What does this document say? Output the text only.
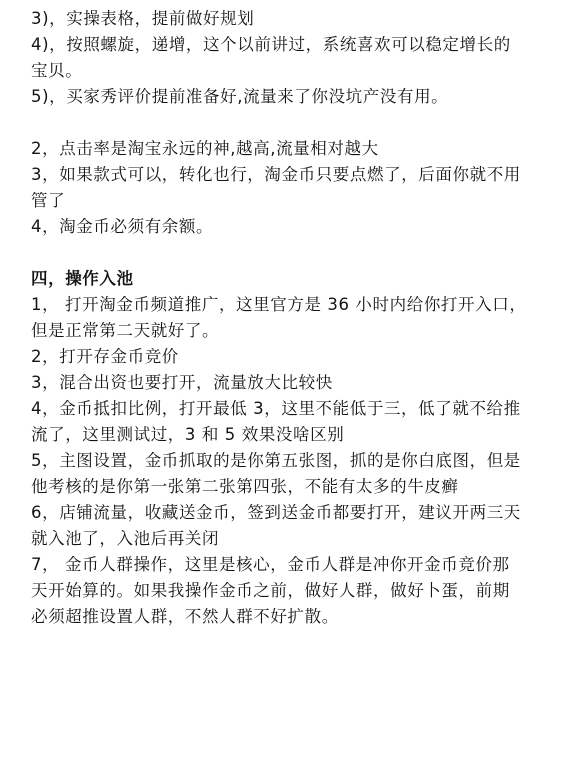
3)，实操表格，提前做好规划
4)，按照螺旋，递增，这个以前讲过，系统喜欢可以稳定增长的
宝贝。
5)，买家秀评价提前准备好,流量来了你没坑产没有用。
2，点击率是淘宝永远的神,越高,流量相对越大
3，如果款式可以，转化也行，淘金币只要点燃了，后面你就不用
管了
4，淘金币必须有余额。
四，操作入池
1， 打开淘金币频道推广，这里官方是 36 小时内给你打开入口，
但是正常第二天就好了。
2，打开存金币竞价
3，混合出资也要打开，流量放大比较快
4，金币抵扣比例，打开最低 3，这里不能低于三，低了就不给推
流了，这里测试过，3 和 5 效果没啥区别
5，主图设置，金币抓取的是你第五张图，抓的是你白底图，但是
他考核的是你第一张第二张第四张，不能有太多的牛皮癣
6，店铺流量，收藏送金币，签到送金币都要打开，建议开两三天
就入池了，入池后再关闭
7， 金币人群操作，这里是核心，金币人群是冲你开金币竞价那
天开始算的。如果我操作金币之前，做好人群，做好卜蛋，前期
必须超推设置人群，不然人群不好扩散。
